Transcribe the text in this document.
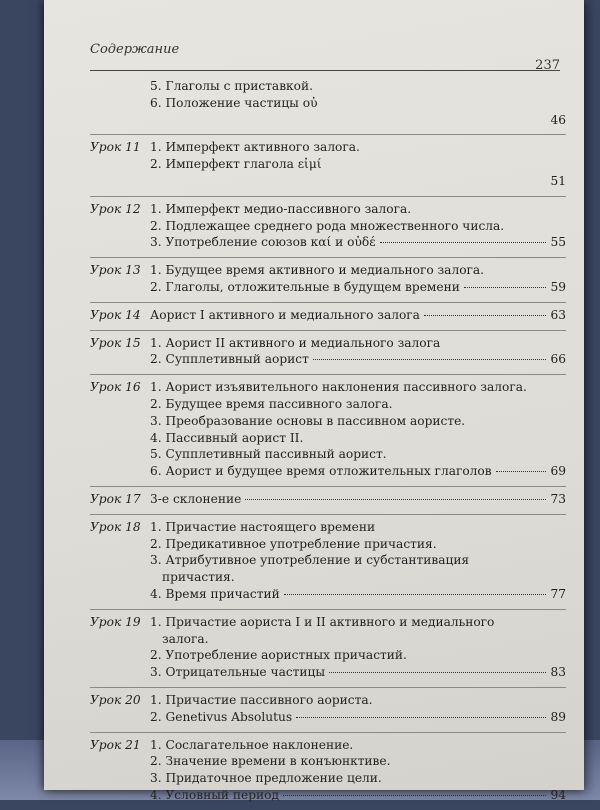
Содержание
237
5. Глаголы с приставкой.
6. Положение частицы οὐ
46
Урок 11 1. Имперфект активного залога.
2. Имперфект глагола εἰμί
51
Урок 12 1. Имперфект медио-пассивного залога.
2. Подлежащее среднего рода множественного числа.
3. Употребление союзов καί и οὐδέ	55
Урок 13 1. Будущее время активного и медиального залога.
2. Глаголы, отложительные в будущем времени	59
Урок 14 Аорист I активного и медиального залога	63
Урок 15 1. Аорист II активного и медиального залога
2. Супплетивный аорист	66
Урок 16 1. Аорист изъявительного наклонения пассивного залога.
2. Будущее время пассивного залога.
3. Преобразование основы в пассивном аористе.
4. Пассивный аорист II.
5. Супплетивный пассивный аорист.
6. Аорист и будущее время отложительных глаголов	69
Урок 17 3-е склонение	73
Урок 18 1. Причастие настоящего времени
2. Предикативное употребление причастия.
3. Атрибутивное употребление и субстантивация
причастия.
4. Время причастий	77
Урок 19 1. Причастие аориста I и II активного и медиального
залога.
2. Употребление аористных причастий.
3. Отрицательные частицы	83
Урок 20 1. Причастие пассивного аориста.
2. Genetivus Absolutus	89
Урок 21 1. Сослагательное наклонение.
2. Значение времени в конъюнктиве.
3. Придаточное предложение цели.
4. Условный период	94
